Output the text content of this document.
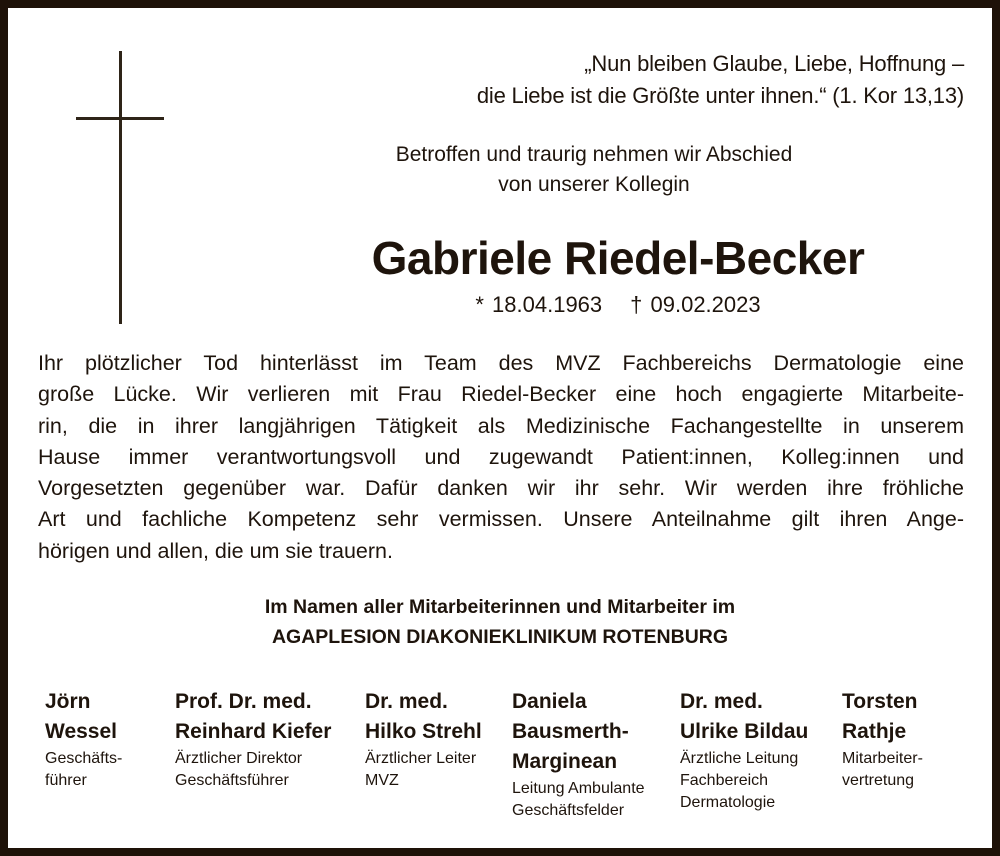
„Nun bleiben Glaube, Liebe, Hoffnung –
die Liebe ist die Größte unter ihnen.“ (1. Kor 13,13)
Betroffen und traurig nehmen wir Abschied
von unserer Kollegin
Gabriele Riedel-Becker
* 18.04.1963 † 09.02.2023
Ihr plötzlicher Tod hinterlässt im Team des MVZ Fachbereichs Dermatologie eine
große Lücke. Wir verlieren mit Frau Riedel-Becker eine hoch engagierte Mitarbeite-
rin, die in ihrer langjährigen Tätigkeit als Medizinische Fachangestellte in unserem
Hause immer verantwortungsvoll und zugewandt Patient:innen, Kolleg:innen und
Vorgesetzten gegenüber war. Dafür danken wir ihr sehr. Wir werden ihre fröhliche
Art und fachliche Kompetenz sehr vermissen. Unsere Anteilnahme gilt ihren Ange-
hörigen und allen, die um sie trauern.
Im Namen aller Mitarbeiterinnen und Mitarbeiter im
AGAPLESION DIAKONIEKLINIKUM ROTENBURG
Jörn
Wessel
Geschäfts-
führer
Prof. Dr. med.
Reinhard Kiefer
Ärztlicher Direktor
Geschäftsführer
Dr. med.
Hilko Strehl
Ärztlicher Leiter
MVZ
Daniela
Bausmerth-
Marginean
Leitung Ambulante
Geschäftsfelder
Dr. med.
Ulrike Bildau
Ärztliche Leitung
Fachbereich
Dermatologie
Torsten
Rathje
Mitarbeiter-
vertretung
